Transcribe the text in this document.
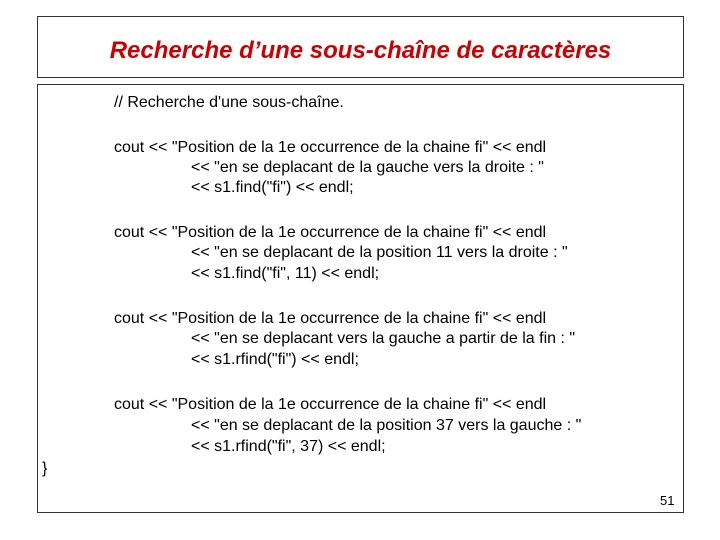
Recherche d’une sous-chaîne de caractères
// Recherche d'une sous-chaîne.
cout << "Position de la 1e occurrence de la chaine fi" << endl
<< "en se deplacant de la gauche vers la droite : "
<< s1.find("fi") << endl;
cout << "Position de la 1e occurrence de la chaine fi" << endl
<< "en se deplacant de la position 11 vers la droite : "
<< s1.find("fi", 11) << endl;
cout << "Position de la 1e occurrence de la chaine fi" << endl
<< "en se deplacant vers la gauche a partir de la fin : "
<< s1.rfind("fi") << endl;
cout << "Position de la 1e occurrence de la chaine fi" << endl
<< "en se deplacant de la position 37 vers la gauche : "
<< s1.rfind("fi", 37) << endl;
}
51
